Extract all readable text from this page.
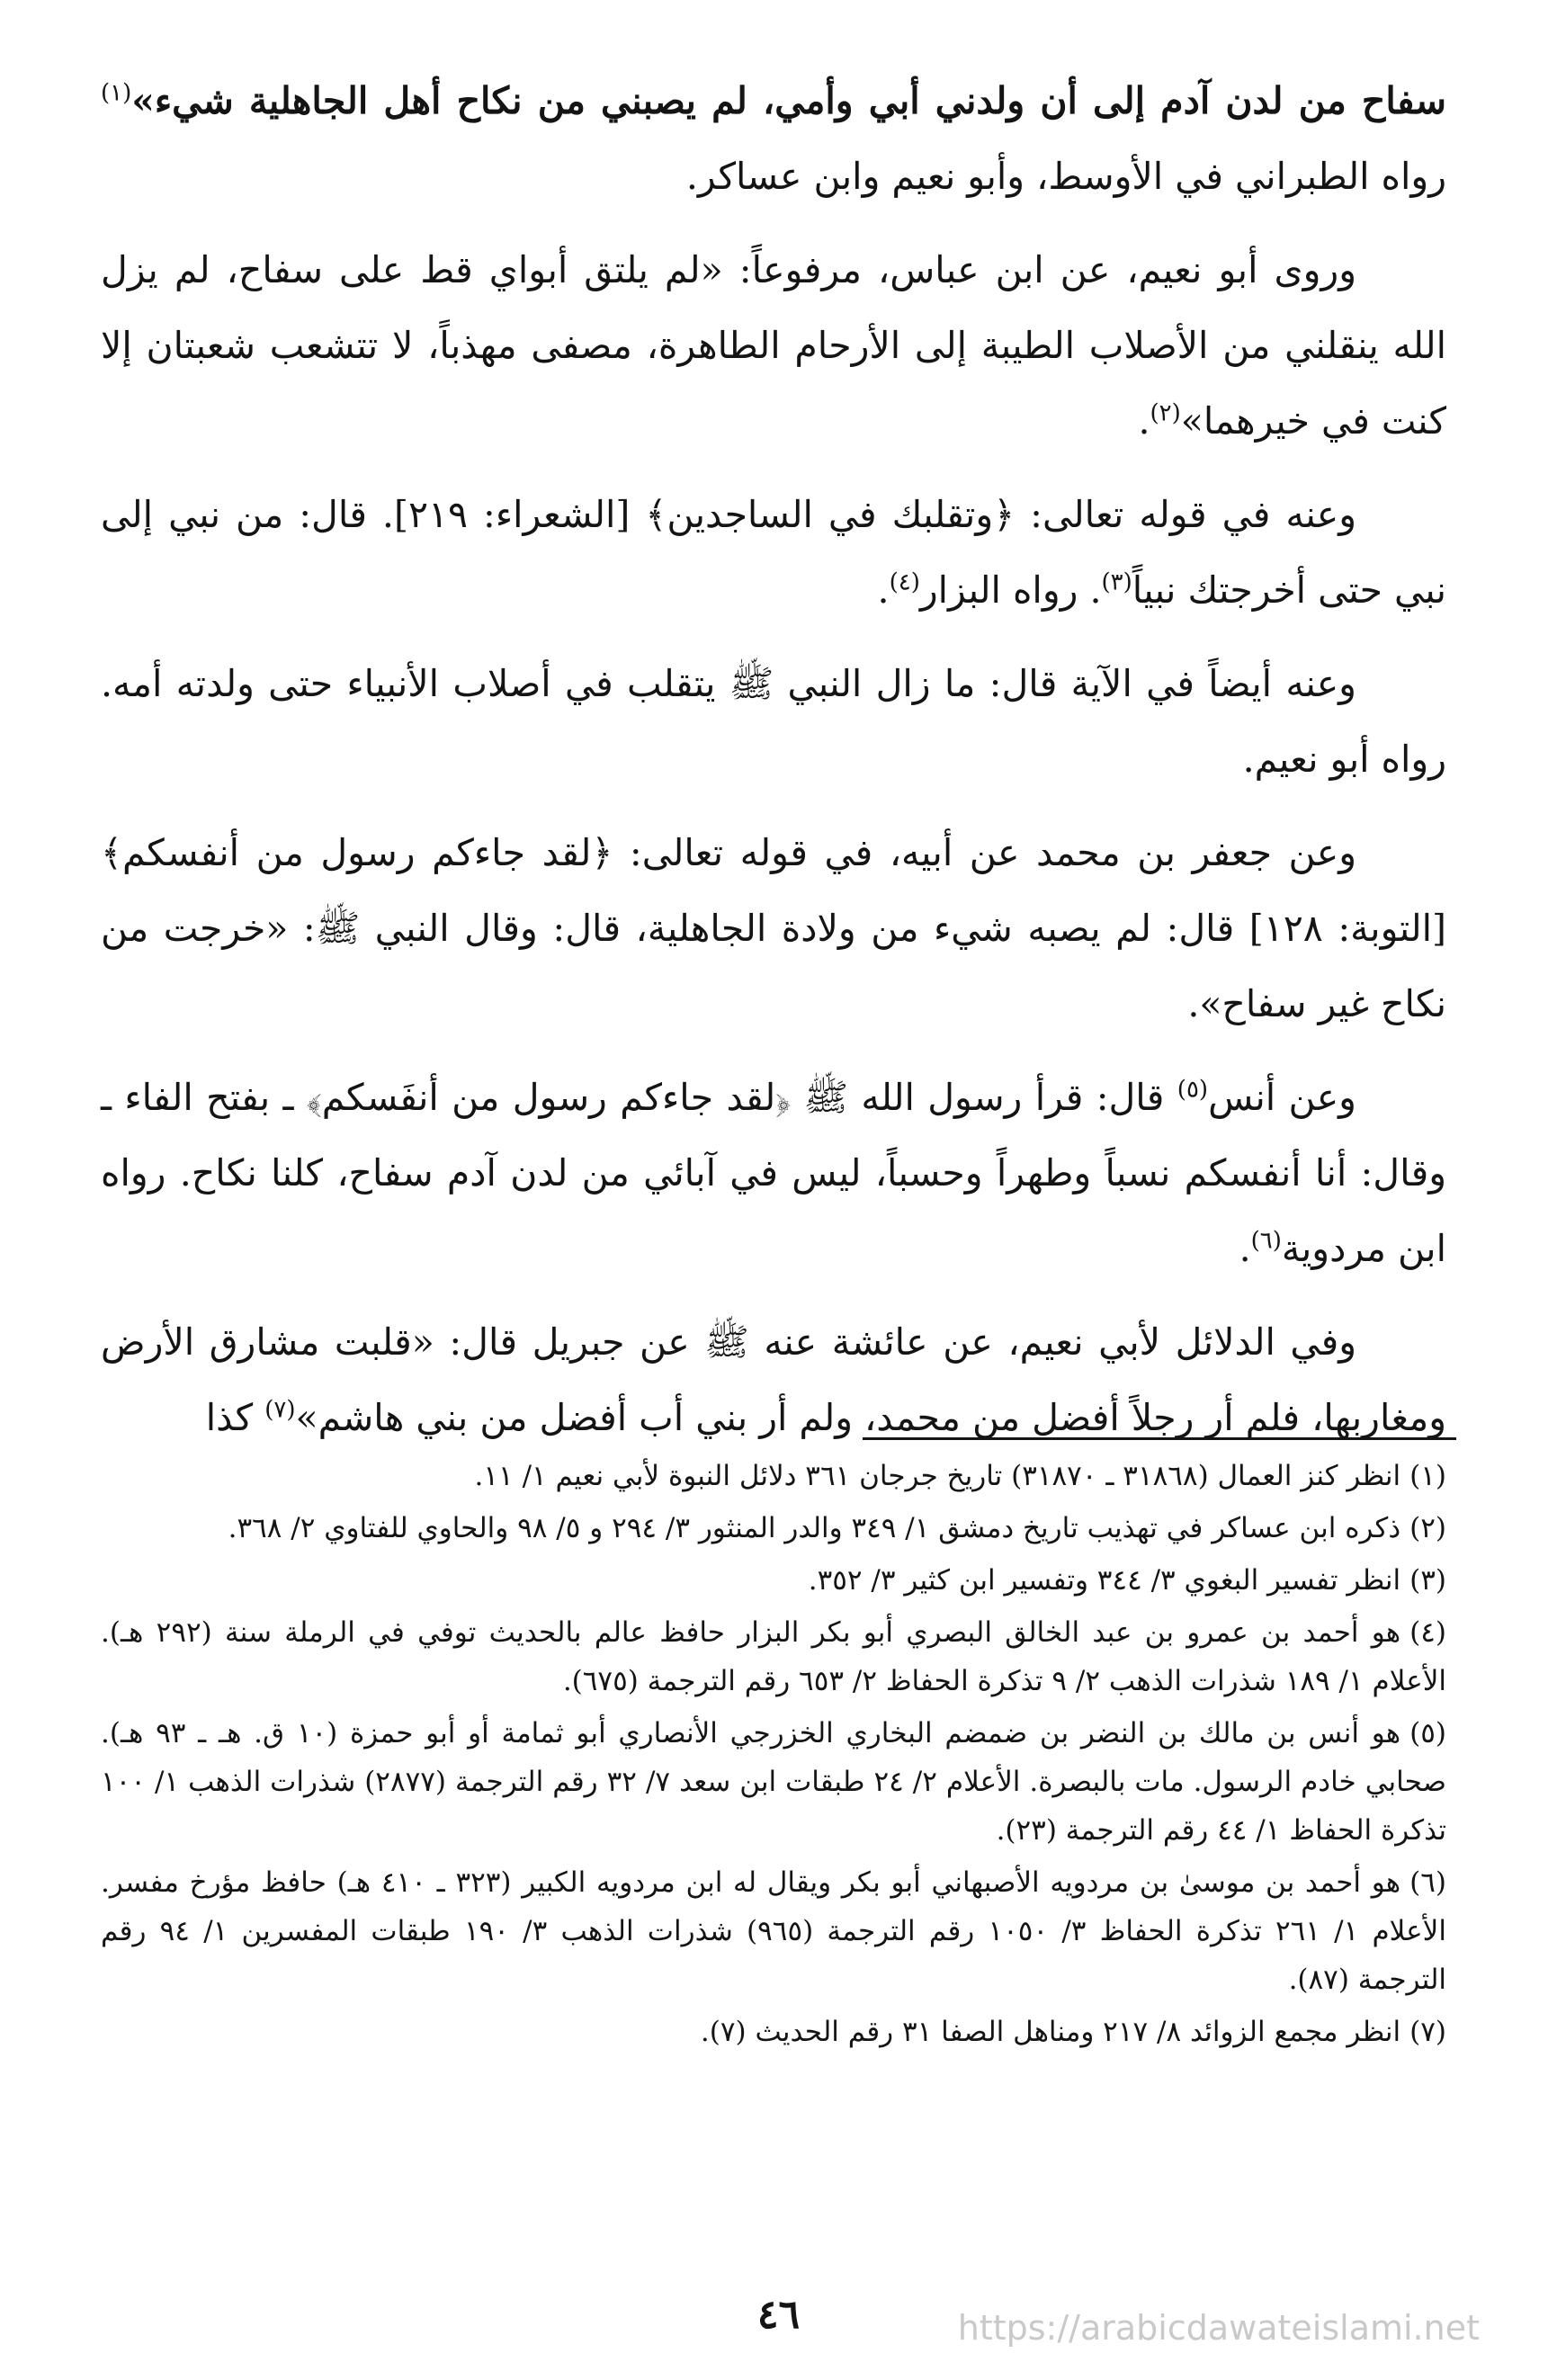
سفاح من لدن آدم إلى أن ولدني أبي وأمي، لم يصبني من نكاح أهل الجاهلية شيء»$^{(١)}$ رواه الطبراني في الأوسط، وأبو نعيم وابن عساكر.

وروى أبو نعيم، عن ابن عباس، مرفوعاً: «لم يلتق أبواي قط على سفاح، لم يزل الله ينقلني من الأصلاب الطيبة إلى الأرحام الطاهرة، مصفى مهذباً، لا تتشعب شعبتان إلا كنت في خيرهما»$^{(٢)}$.

وعنه في قوله تعالى: ﴿وتقلبك في الساجدين﴾ [الشعراء: ٢١٩]. قال: من نبي إلى نبي حتى أخرجتك نبياً$^{(٣)}$. رواه البزار$^{(٤)}$.

وعنه أيضاً في الآية قال: ما زال النبي ﷺ يتقلب في أصلاب الأنبياء حتى ولدته أمه. رواه أبو نعيم.

وعن جعفر بن محمد عن أبيه، في قوله تعالى: ﴿لقد جاءكم رسول من أنفسكم﴾ [التوبة: ١٢٨] قال: لم يصبه شيء من ولادة الجاهلية، قال: وقال النبي ﷺ: «خرجت من نكاح غير سفاح».

وعن أنس$^{(٥)}$ قال: قرأ رسول الله ﷺ ﴿لقد جاءكم رسول من أنفَسكم﴾ ـ بفتح الفاء ـ وقال: أنا أنفسكم نسباً وطهراً وحسباً، ليس في آبائي من لدن آدم سفاح، كلنا نكاح. رواه ابن مردوية$^{(٦)}$.

وفي الدلائل لأبي نعيم، عن عائشة عنه ﷺ عن جبريل قال: «قلبت مشارق الأرض ومغاربها، فلم أر رجلاً أفضل من محمد، ولم أر بني أب أفضل من بني هاشم»$^{(٧)}$ كذا

(١)انظر كنز العمال (٣١٨٦٨ ـ ٣١٨٧٠) تاريخ جرجان ٣٦١ دلائل النبوة لأبي نعيم ١/ ١١.

(٢)ذكره ابن عساكر في تهذيب تاريخ دمشق ١/ ٣٤٩ والدر المنثور ٣/ ٢٩٤ و ٥/ ٩٨ والحاوي للفتاوي ٢/ ٣٦٨.

(٣)انظر تفسير البغوي ٣/ ٣٤٤ وتفسير ابن كثير ٣/ ٣٥٢.

(٤)هو أحمد بن عمرو بن عبد الخالق البصري أبو بكر البزار حافظ عالم بالحديث توفي في الرملة سنة (٢٩٢ هـ). الأعلام ١/ ١٨٩ شذرات الذهب ٢/ ٩ تذكرة الحفاظ ٢/ ٦٥٣ رقم الترجمة (٦٧٥).

(٥)هو أنس بن مالك بن النضر بن ضمضم البخاري الخزرجي الأنصاري أبو ثمامة أو أبو حمزة (١٠ ق. هـ ـ ٩٣ هـ). صحابي خادم الرسول. مات بالبصرة. الأعلام ٢/ ٢٤ طبقات ابن سعد ٧/ ٣٢ رقم الترجمة (٢٨٧٧) شذرات الذهب ١/ ١٠٠ تذكرة الحفاظ ١/ ٤٤ رقم الترجمة (٢٣).

(٦)هو أحمد بن موسىٰ بن مردويه الأصبهاني أبو بكر ويقال له ابن مردويه الكبير (٣٢٣ ـ ٤١٠ هـ) حافظ مؤرخ مفسر. الأعلام ١/ ٢٦١ تذكرة الحفاظ ٣/ ١٠٥٠ رقم الترجمة (٩٦٥) شذرات الذهب ٣/ ١٩٠ طبقات المفسرين ١/ ٩٤ رقم الترجمة (٨٧).

(٧)انظر مجمع الزوائد ٨/ ٢١٧ ومناهل الصفا ٣١ رقم الحديث (٧).

٤٦	https://arabicdawateislami.net
